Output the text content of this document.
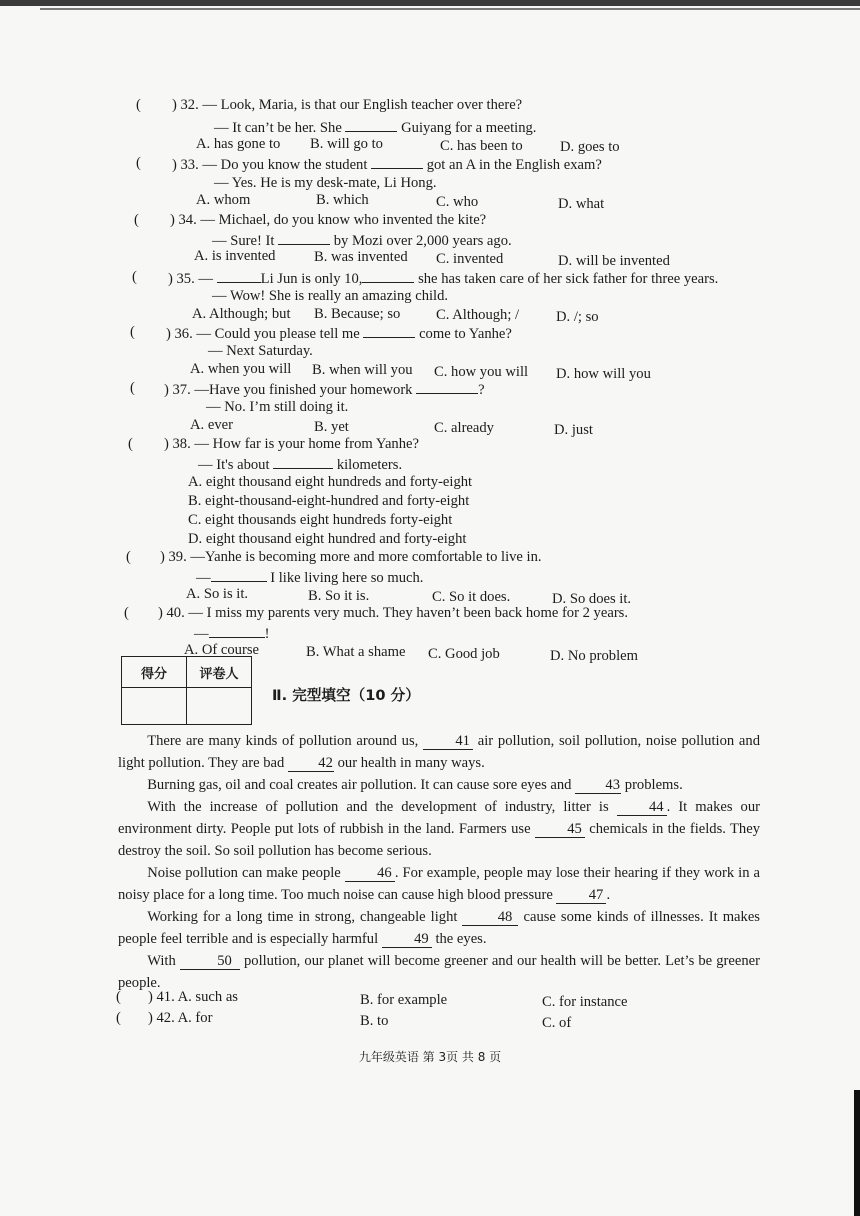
( ) 32. — Look, Maria, is that our English teacher over there?
— It can’t be her. She	Guiyang for a meeting.
A. has gone to B. will go to	C. has been to	D. goes to
( ) 33. — Do you know the student	got an A in the English exam?
— Yes. He is my desk-mate, Li Hong.
A. whom	B. which	C. who	D. what
( ) 34. — Michael, do you know who invented the kite?
— Sure! It	by Mozi over 2,000 years ago.
A. is invented	B. was invented C. invented	D. will be invented
( ) 35. —	Li Jun is only 10,	she has taken care of her sick father for three years.
— Wow! She is really an amazing child.
A. Although; but B. Because; so C. Although; /	D. /; so
( ) 36. — Could you please tell me	come to Yanhe?
— Next Saturday.
A. when you will B. when will you C. how you will D. how will you
( ) 37. —Have you finished your homework	?
— No. I’m still doing it.
A. ever	B. yet	C. already	D. just
( ) 38. — How far is your home from Yanhe?
— It's about	kilometers.
A. eight thousand eight hundreds and forty-eight
B. eight-thousand-eight-hundred and forty-eight
C. eight thousands eight hundreds forty-eight
D. eight thousand eight hundred and forty-eight
( ) 39. —Yanhe is becoming more and more comfortable to live in.
—	I like living here so much.
A. So is it.	B. So it is.	C. So it does.	D. So does it.
( ) 40. — I miss my parents very much. They haven’t been back home for 2 years.
—	!
A. Of course	B. What a shame C. Good job	D. No problem
得分	评卷人

Ⅱ. 完型填空（10 分）

There are many kinds of pollution around us, 41 air pollution, soil pollution, noise pollution and light pollution. They are bad 42 our health in many ways.

Burning gas, oil and coal creates air pollution. It can cause sore eyes and 43 problems.

With the increase of pollution and the development of industry, litter is 44 . It makes our environment dirty. People put lots of rubbish in the land. Farmers use 45 chemicals in the fields. They destroy the soil. So soil pollution has become serious.

Noise pollution can make people 46 . For example, people may lose their hearing if they work in a noisy place for a long time. Too much noise can cause high blood pressure 47 .

Working for a long time in strong, changeable light 48 cause some kinds of illnesses. It makes people feel terrible and is especially harmful 49 the eyes.

With	50 pollution, our planet will become greener and our health will be better. Let’s be greener people.

( ) 41. A. such as	B. for example	C. for instance
( ) 42. A. for	B. to	C. of
九年级英语 第 3页 共 8 页
